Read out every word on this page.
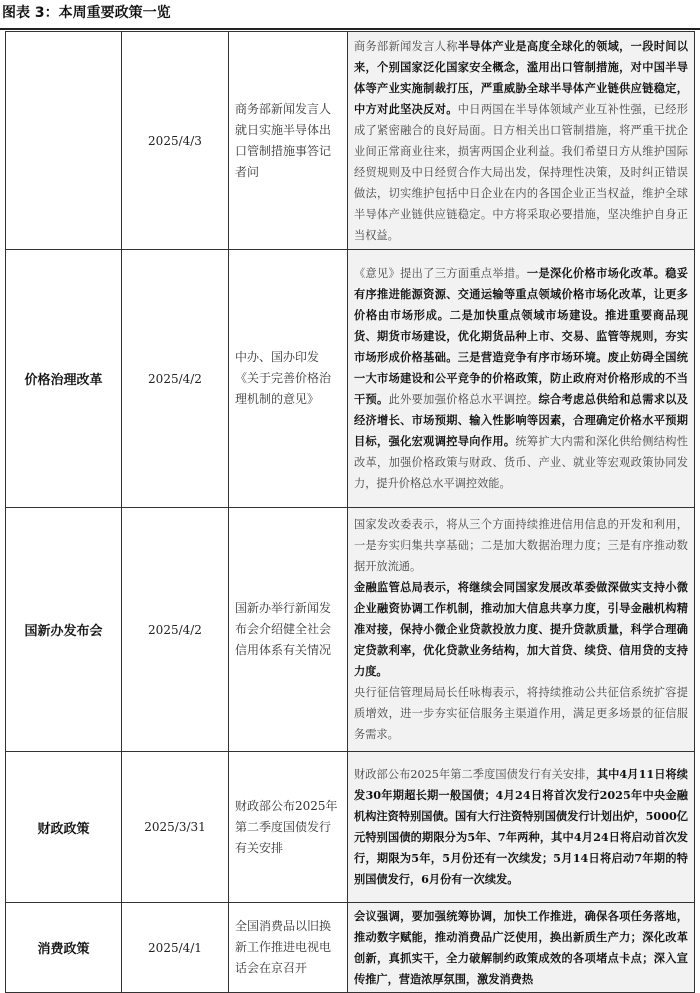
图表 3：本周重要政策一览
	2025/4/3	商务部新闻发言人就日实施半导体出口管制措施事答记者问	商务部新闻发言人称半导体产业是高度全球化的领域，一段时间以来，个别国家泛化国家安全概念，滥用出口管制措施，对中国半导体等产业实施制裁打压，严重威胁全球半导体产业链供应链稳定，中方对此坚决反对。中日两国在半导体领域产业互补性强，已经形成了紧密融合的良好局面。日方相关出口管制措施，将严重干扰企业间正常商业往来，损害两国企业利益。我们希望日方从维护国际经贸规则及中日经贸合作大局出发，保持理性决策，及时纠正错误做法，切实维护包括中日企业在内的各国企业正当权益，维护全球半导体产业链供应链稳定。中方将采取必要措施，坚决维护自身正当权益。

价格治理改革	2025/4/2	中办、国办印发《关于完善价格治理机制的意见》	《意见》提出了三方面重点举措。一是深化价格市场化改革。稳妥有序推进能源资源、交通运输等重点领域价格市场化改革，让更多价格由市场形成。二是加快重点领域市场建设。推进重要商品现货、期货市场建设，优化期货品种上市、交易、监管等规则，夯实市场形成价格基础。三是营造竞争有序市场环境。废止妨碍全国统一大市场建设和公平竞争的价格政策，防止政府对价格形成的不当干预。此外要加强价格总水平调控。综合考虑总供给和总需求以及经济增长、市场预期、输入性影响等因素，合理确定价格水平预期目标，强化宏观调控导向作用。统筹扩大内需和深化供给侧结构性改革，加强价格政策与财政、货币、产业、就业等宏观政策协同发力，提升价格总水平调控效能。

国新办发布会	2025/4/2	国新办举行新闻发布会介绍健全社会信用体系有关情况	国家发改委表示，将从三个方面持续推进信用信息的开发和利用，一是夯实归集共享基础；二是加大数据治理力度；三是有序推动数据开放流通。

金融监管总局表示，将继续会同国家发展改革委做深做实支持小微企业融资协调工作机制，推动加大信息共享力度，引导金融机构精准对接，保持小微企业贷款投放力度、提升贷款质量，科学合理确定贷款利率，优化贷款业务结构，加大首贷、续贷、信用贷的支持力度。

央行征信管理局局长任咏梅表示，将持续推动公共征信系统扩容提质增效，进一步夯实征信服务主渠道作用，满足更多场景的征信服务需求。

财政政策	2025/3/31	财政部公布2025年第二季度国债发行有关安排	财政部公布2025年第二季度国债发行有关安排，其中4月11日将续发30年期超长期一般国债；4月24日将首次发行2025年中央金融机构注资特别国债。国有大行注资特别国债发行计划出炉，5000亿元特别国债的期限分为5年、7年两种，其中4月24日将启动首次发行，期限为5年，5月份还有一次续发；5月14日将启动7年期的特别国债发行，6月份有一次续发。

消费政策	2025/4/1	全国消费品以旧换新工作推进电视电话会在京召开	会议强调，要加强统筹协调，加快工作推进，确保各项任务落地，推动数字赋能，推动消费品广泛使用，换出新质生产力；深化改革创新，真抓实干，全力破解制约政策成效的各项堵点卡点；深入宣传推广，营造浓厚氛围，激发消费热
